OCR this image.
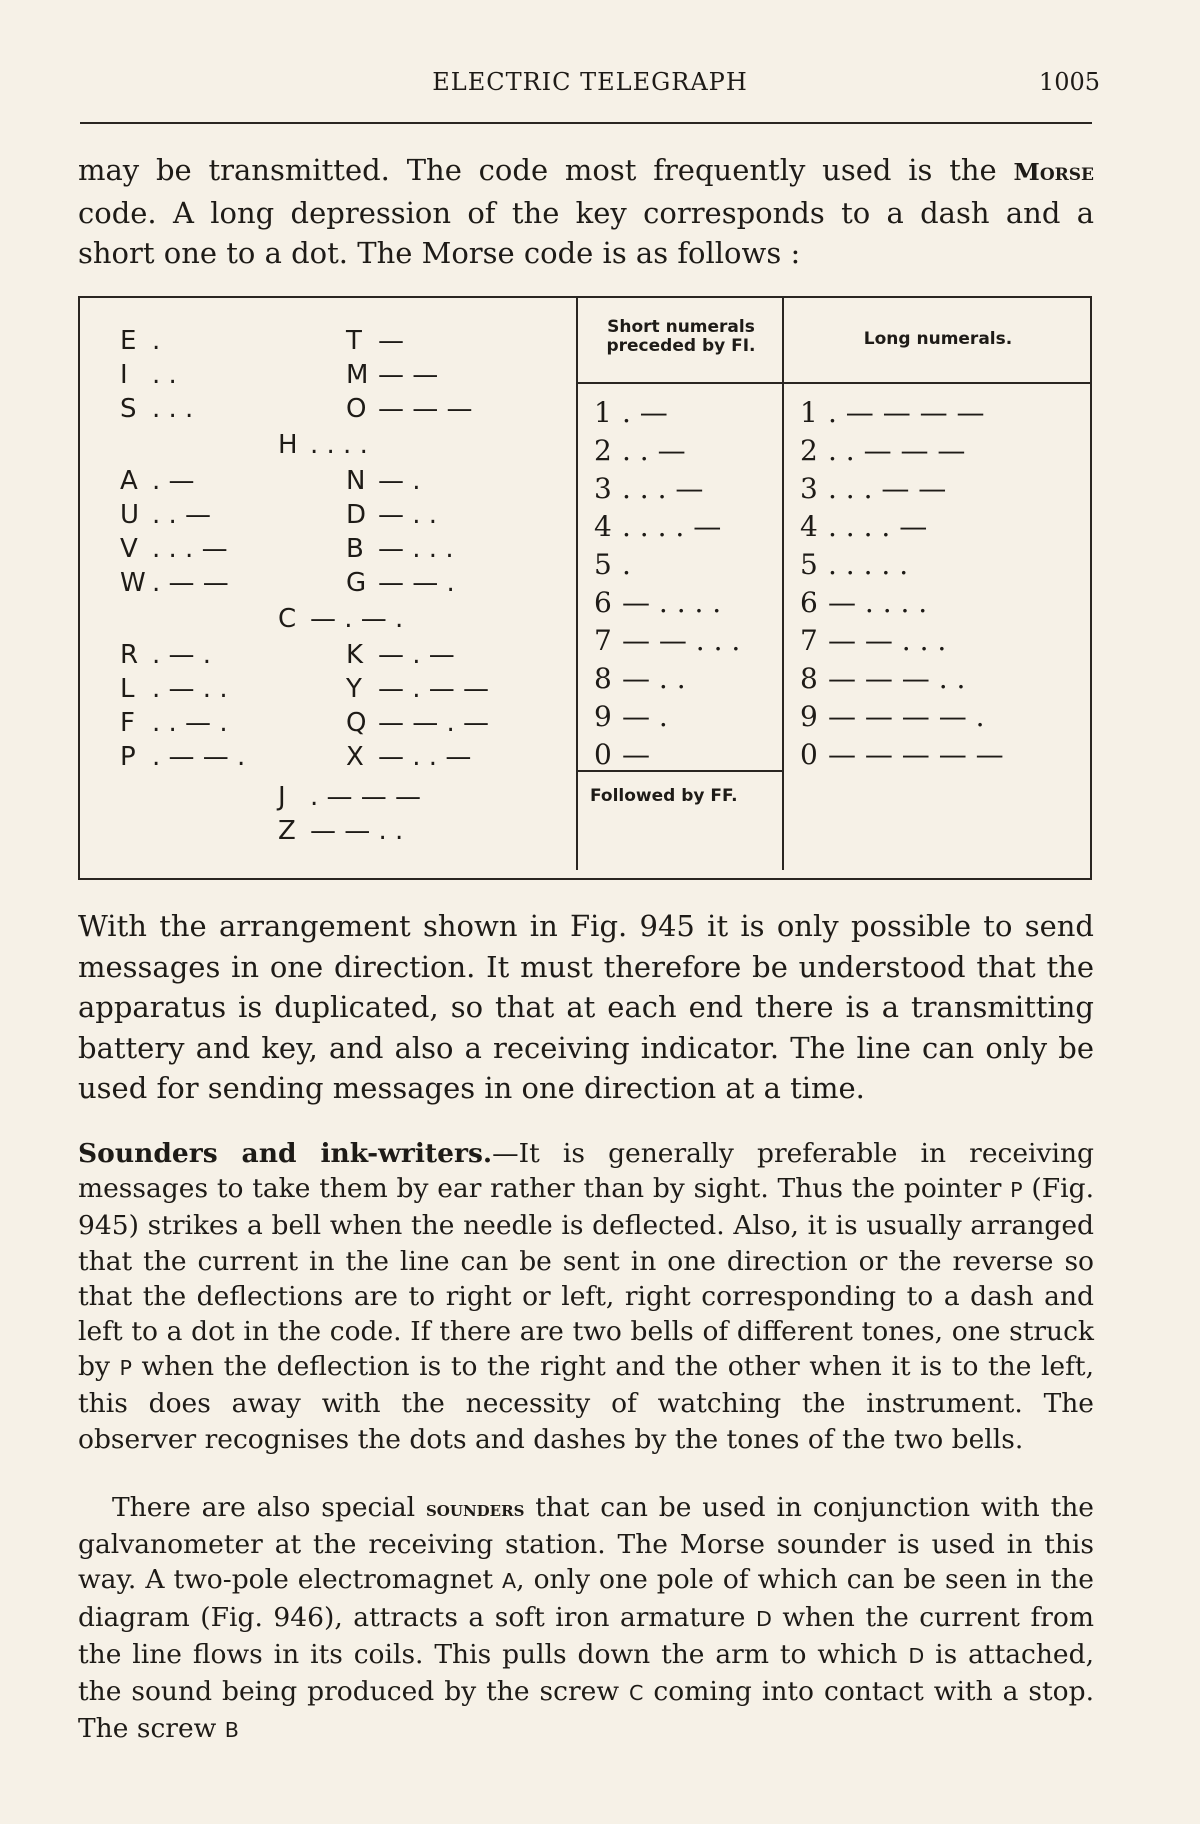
ELECTRIC TELEGRAPH	1005

may be transmitted. The code most frequently used is the Morse code. A long depression of the key corresponds to a dash and a short one to a dot. The Morse code is as follows :

Short numerals preceded by FI.	Long numerals.
E .
I . .
S . . .
A . —
U . . —
V . . . —
W . — —
R . — .
L . — . .
F . . — .
P . — — .
T —
M — —
O — — —
N — .
D — . .
B — . . .
G — — .
K — . —
Y — . — —
Q — — . —
X — . . —
H . . . .
C — . — .
J . — — —
Z — — . .
1 . —
2 . . —
3 . . . —
4 . . . . —
5 .
6 — . . . .
7 — — . . .
8 — . .
9 — .
0 —
Followed by FF.
1 . — — — —
2 . . — — —
3 . . . — —
4 . . . . —
5 . . . . .
6 — . . . .
7 — — . . .
8 — — — . .
9 — — — — .
0 — — — — —

With the arrangement shown in Fig. 945 it is only possible to send messages in one direction. It must therefore be understood that the apparatus is duplicated, so that at each end there is a transmitting battery and key, and also a receiving indicator. The line can only be used for sending messages in one direction at a time.

Sounders and ink-writers.—It is generally preferable in receiving messages to take them by ear rather than by sight. Thus the pointer P (Fig. 945) strikes a bell when the needle is deflected. Also, it is usually arranged that the current in the line can be sent in one direction or the reverse so that the deflections are to right or left, right corresponding to a dash and left to a dot in the code. If there are two bells of different tones, one struck by P when the deflection is to the right and the other when it is to the left, this does away with the necessity of watching the instrument. The observer recognises the dots and dashes by the tones of the two bells.

There are also special sounders that can be used in conjunction with the galvanometer at the receiving station. The Morse sounder is used in this way. A two-pole electromagnet A, only one pole of which can be seen in the diagram (Fig. 946), attracts a soft iron armature D when the current from the line flows in its coils. This pulls down the arm to which D is attached, the sound being produced by the screw C coming into contact with a stop. The screw B
